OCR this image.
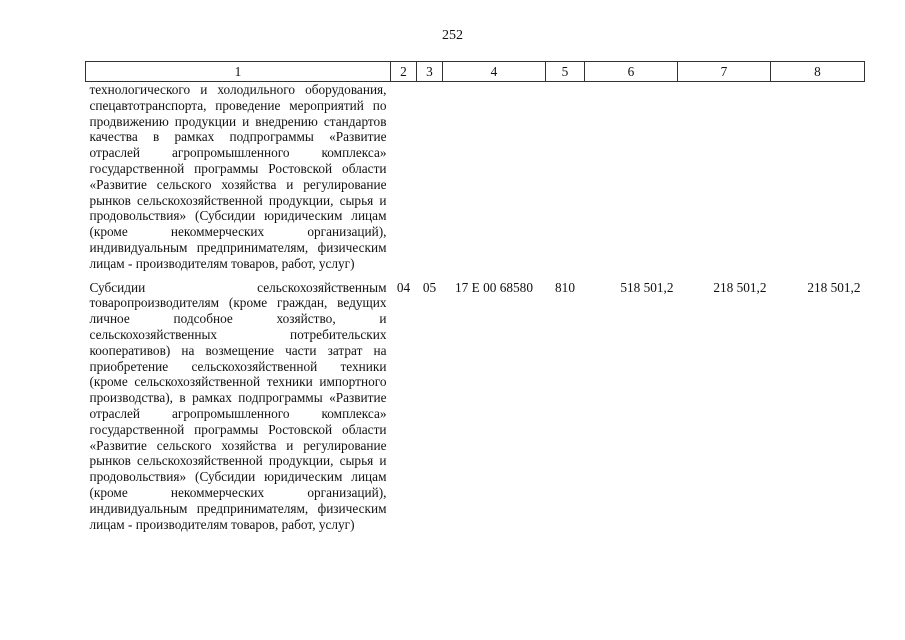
252
1	2	3	4	5	6	7	8
технологического и холодильного оборудования, спецавтотранспорта, проведение мероприятий по продвижению продукции и внедрению стандартов качества в рамках подпрограммы «Развитие отраслей агропромышленного комплекса» государственной программы Ростовской области «Развитие сельского хозяйства и регулирование рынков сельскохозяйственной продукции, сырья и продовольствия» (Субсидии юридическим лицам (кроме некоммерческих организаций), индивидуальным предпринимателям, физическим лицам - производителям товаров, работ, услуг)							
Субсидии сельскохозяйственным товаропроизводителям (кроме граждан, ведущих личное подсобное хозяйство, и сельскохозяйственных потребительских кооперативов) на возмещение части затрат на приобретение сельскохозяйственной техники (кроме сельскохозяйственной техники импортного производства), в рамках подпрограммы «Развитие отраслей агропромышленного комплекса» государственной программы Ростовской области «Развитие сельского хозяйства и регулирование рынков сельскохозяйственной продукции, сырья и продовольствия» (Субсидии юридическим лицам (кроме некоммерческих организаций), индивидуальным предпринимателям, физическим лицам - производителям товаров, работ, услуг)	04	05	17 Е 00 68580	810	518 501,2	218 501,2	218 501,2
